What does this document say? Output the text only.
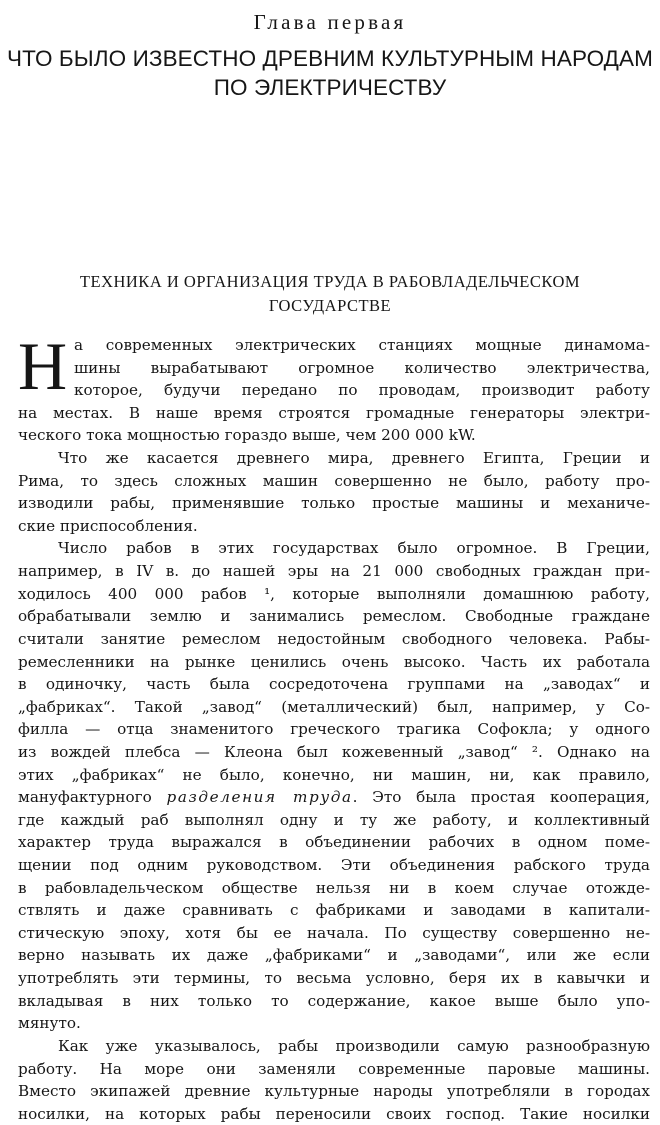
Глава первая
ЧТО БЫЛО ИЗВЕСТНО ДРЕВНИМ КУЛЬТУРНЫМ НАРОДАМ
ПО ЭЛЕКТРИЧЕСТВУ
ТЕХНИКА И ОРГАНИЗАЦИЯ ТРУДА В РАБОВЛАДЕЛЬЧЕСКОМ
ГОСУДАРСТВЕ
Н а современных электрических станциях мощные динамома-
шины вырабатывают огромное количество электричества,
которое, будучи передано по проводам, производит работу
на местах. В наше время строятся громадные генераторы электри-
ческого тока мощностью гораздо выше, чем 200 000 kW.
Что же касается древнего мира, древнего Египта, Греции и
Рима, то здесь сложных машин совершенно не было, работу про-
изводили рабы, применявшие только простые машины и механиче-
ские приспособления.
Число рабов в этих государствах было огромное. В Греции,
например, в IV в. до нашей эры на 21 000 свободных граждан при-
ходилось 400 000 рабов ¹, которые выполняли домашнюю работу,
обрабатывали землю и занимались ремеслом. Свободные граждане
считали занятие ремеслом недостойным свободного человека. Рабы-
ремесленники на рынке ценились очень высоко. Часть их работала
в одиночку, часть была сосредоточена группами на „заводах“ и
„фабриках“. Такой „завод“ (металлический) был, например, у Со-
филла — отца знаменитого греческого трагика Софокла; у одного
из вождей плебса — Клеона был кожевенный „завод“ ². Однако на
этих „фабриках“ не было, конечно, ни машин, ни, как правило,
мануфактурного разделения труда. Это была простая кооперация,
где каждый раб выполнял одну и ту же работу, и коллективный
характер труда выражался в объединении рабочих в одном поме-
щении под одним руководством. Эти объединения рабского труда
в рабовладельческом обществе нельзя ни в коем случае отожде-
ствлять и даже сравнивать с фабриками и заводами в капитали-
стическую эпоху, хотя бы ее начала. По существу совершенно не-
верно называть их даже „фабриками“ и „заводами“, или же если
употреблять эти термины, то весьма условно, беря их в кавычки и
вкладывая в них только то содержание, какое выше было упо-
мянуто.
Как уже указывалось, рабы производили самую разнообразную
работу. На море они заменяли современные паровые машины.
Вместо экипажей древние культурные народы употребляли в городах
носилки, на которых рабы переносили своих господ. Такие носилки
